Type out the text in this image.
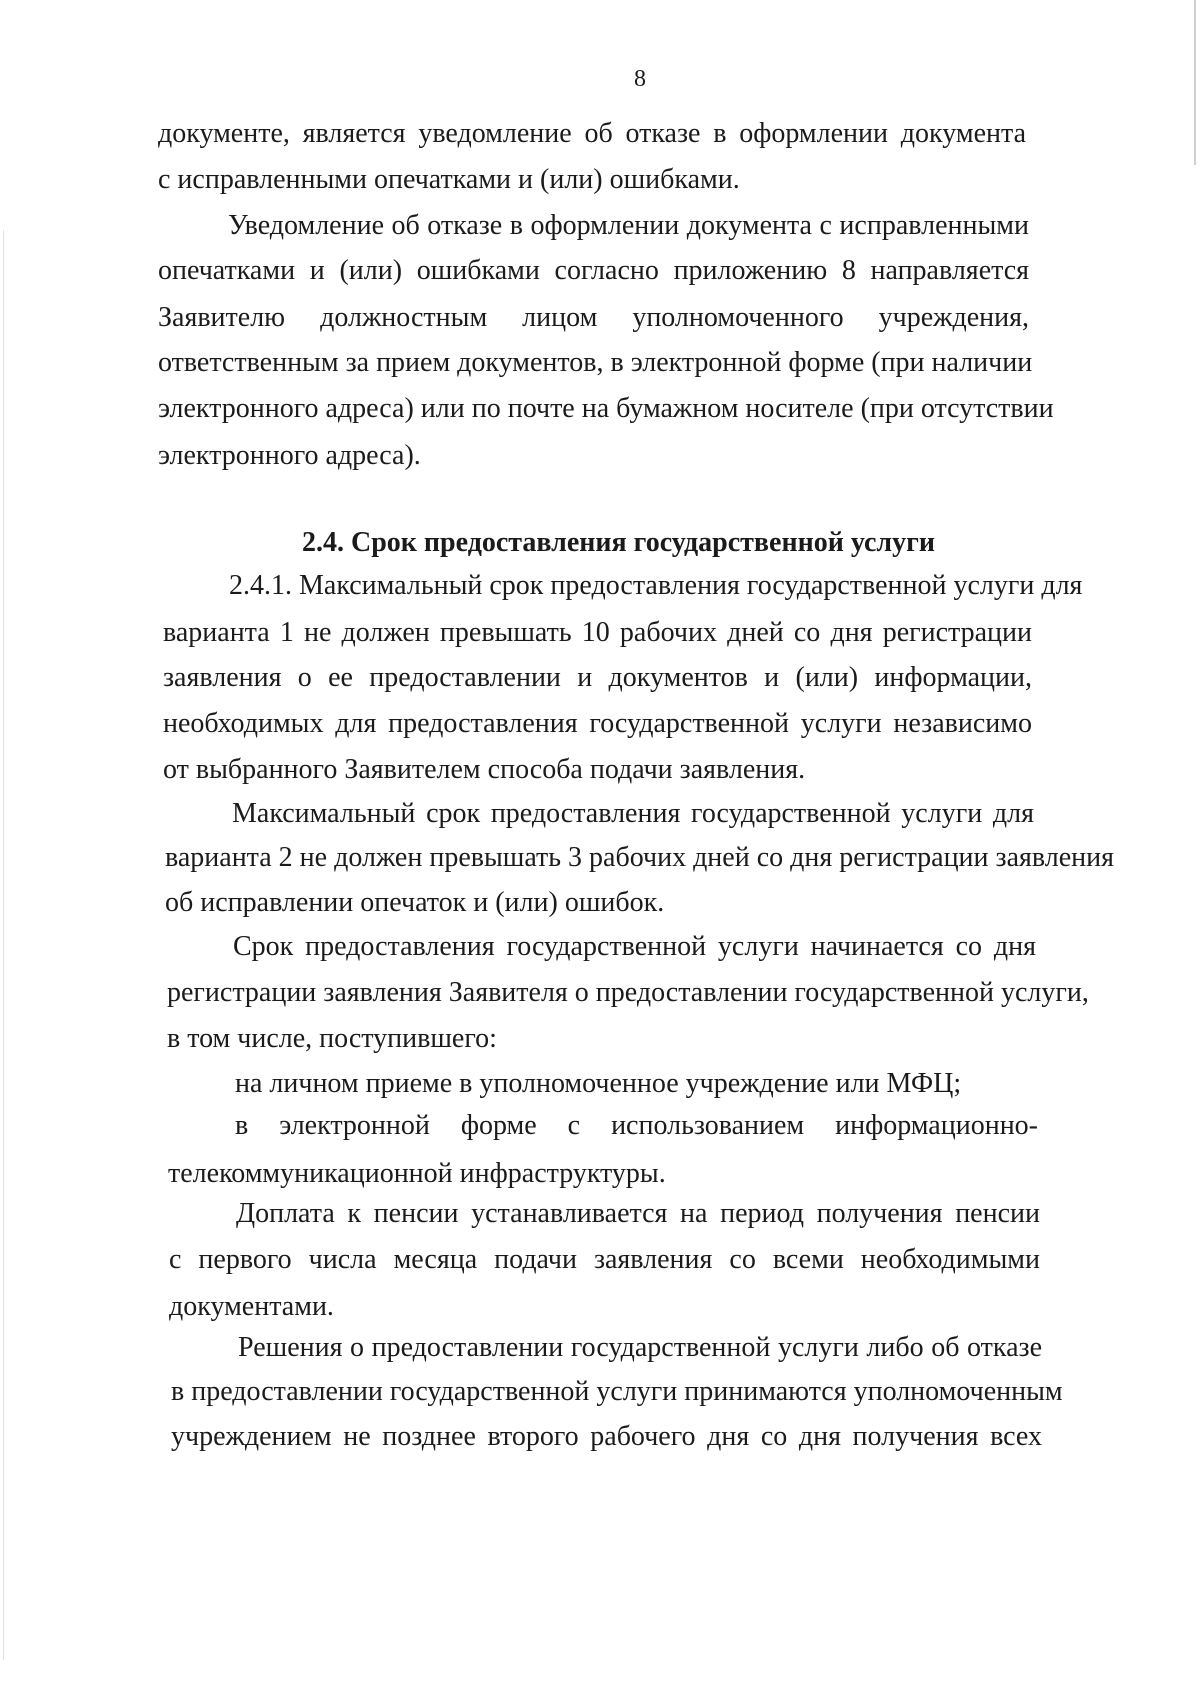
8
документе, является уведомление об отказе в оформлении документа
с исправленными опечатками и (или) ошибками.
Уведомление об отказе в оформлении документа с исправленными
опечатками и (или) ошибками согласно приложению 8 направляется
Заявителю должностным лицом уполномоченного учреждения,
ответственным за прием документов, в электронной форме (при наличии
электронного адреса) или по почте на бумажном носителе (при отсутствии
электронного адреса).
2.4. Срок предоставления государственной услуги
2.4.1. Максимальный срок предоставления государственной услуги для
варианта 1 не должен превышать 10 рабочих дней со дня регистрации
заявления о ее предоставлении и документов и (или) информации,
необходимых для предоставления государственной услуги независимо
от выбранного Заявителем способа подачи заявления.
Максимальный срок предоставления государственной услуги для
варианта 2 не должен превышать 3 рабочих дней со дня регистрации заявления
об исправлении опечаток и (или) ошибок.
Срок предоставления государственной услуги начинается со дня
регистрации заявления Заявителя о предоставлении государственной услуги,
в том числе, поступившего:
на личном приеме в уполномоченное учреждение или МФЦ;
в электронной форме с использованием информационно-
телекоммуникационной инфраструктуры.
Доплата к пенсии устанавливается на период получения пенсии
с первого числа месяца подачи заявления со всеми необходимыми
документами.
Решения о предоставлении государственной услуги либо об отказе
в предоставлении государственной услуги принимаются уполномоченным
учреждением не позднее второго рабочего дня со дня получения всех
